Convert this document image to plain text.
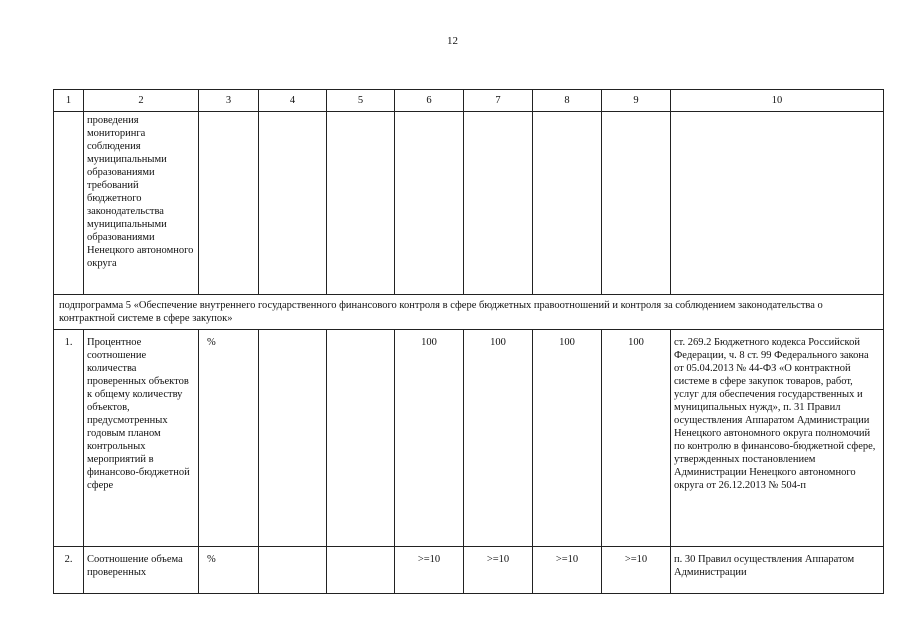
12
1	2	3	4	5	6	7	8	9	10
	проведения мониторинга соблюдения муниципальными образованиями требований бюджетного законодательства муниципальными образованиями Ненецкого автономного округа								
подпрограмма 5 «Обеспечение внутреннего государственного финансового контроля в сфере бюджетных правоотношений и контроля за соблюдением законодательства о контрактной системе в сфере закупок»									
1.	Процентное соотношение количества проверенных объектов к общему количеству объектов, предусмотренных годовым планом контрольных мероприятий в финансово-бюджетной сфере	%			100	100	100	100	ст. 269.2 Бюджетного кодекса Российской Федерации, ч. 8 ст. 99 Федерального закона от 05.04.2013 № 44-ФЗ «О контрактной системе в сфере закупок товаров, работ, услуг для обеспечения государственных и муниципальных нужд», п. 31 Правил осуществления Аппаратом Администрации Ненецкого автономного округа полномочий по контролю в финансово-бюджетной сфере, утвержденных постановлением Администрации Ненецкого автономного округа от 26.12.2013 № 504-п
2.	Соотношение объема проверенных	%			>=10	>=10	>=10	>=10	п. 30 Правил осуществления Аппаратом Администрации
